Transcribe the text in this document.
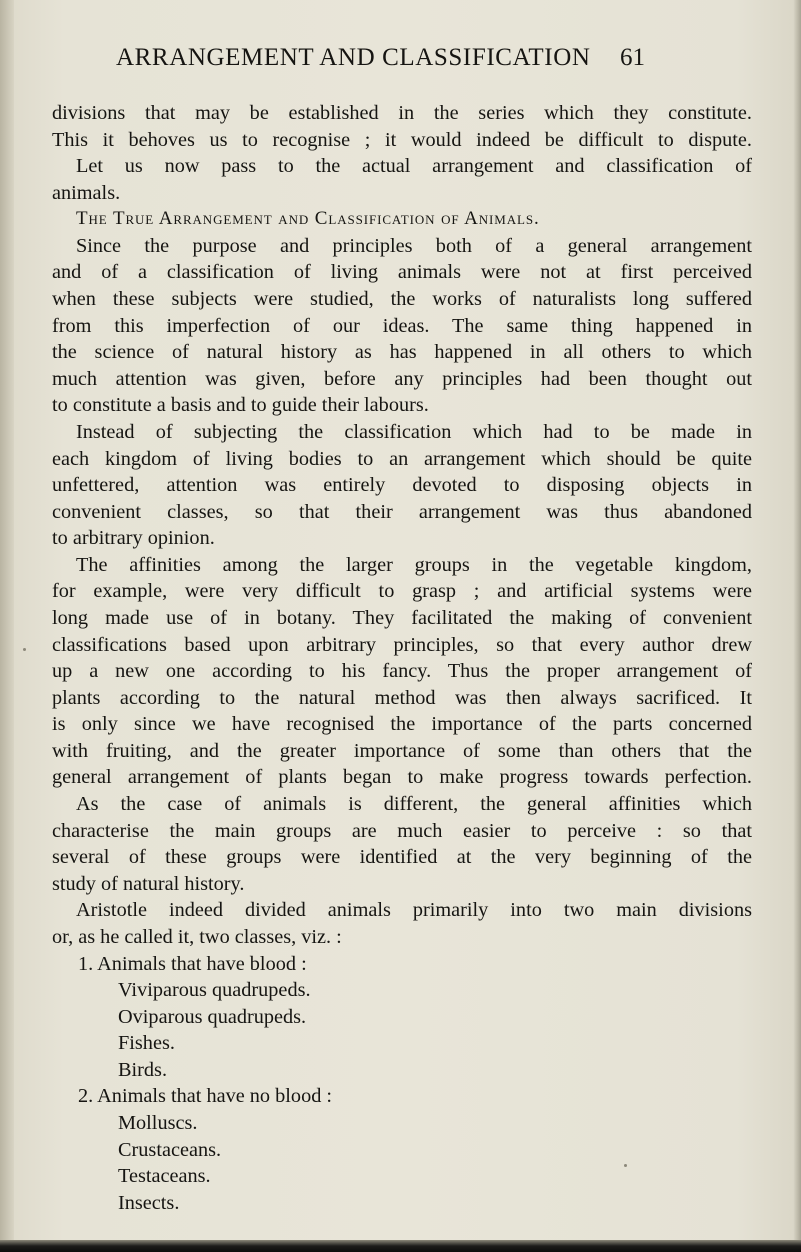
ARRANGEMENT AND CLASSIFICATION 61
divisions that may be established in the series which they constitute.
This it behoves us to recognise ; it would indeed be difficult to dispute.
Let us now pass to the actual arrangement and classification of
animals.
The True Arrangement and Classification of Animals.
Since the purpose and principles both of a general arrangement
and of a classification of living animals were not at first perceived
when these subjects were studied, the works of naturalists long suffered
from this imperfection of our ideas. The same thing happened in
the science of natural history as has happened in all others to which
much attention was given, before any principles had been thought out
to constitute a basis and to guide their labours.
Instead of subjecting the classification which had to be made in
each kingdom of living bodies to an arrangement which should be quite
unfettered, attention was entirely devoted to disposing objects in
convenient classes, so that their arrangement was thus abandoned
to arbitrary opinion.
The affinities among the larger groups in the vegetable kingdom,
for example, were very difficult to grasp ; and artificial systems were
long made use of in botany. They facilitated the making of convenient
classifications based upon arbitrary principles, so that every author drew
up a new one according to his fancy. Thus the proper arrangement of
plants according to the natural method was then always sacrificed. It
is only since we have recognised the importance of the parts concerned
with fruiting, and the greater importance of some than others that the
general arrangement of plants began to make progress towards perfection.
As the case of animals is different, the general affinities which
characterise the main groups are much easier to perceive : so that
several of these groups were identified at the very beginning of the
study of natural history.
Aristotle indeed divided animals primarily into two main divisions
or, as he called it, two classes, viz. :
1. Animals that have blood :
Viviparous quadrupeds.
Oviparous quadrupeds.
Fishes.
Birds.
2. Animals that have no blood :
Molluscs.
Crustaceans.
Testaceans.
Insects.
